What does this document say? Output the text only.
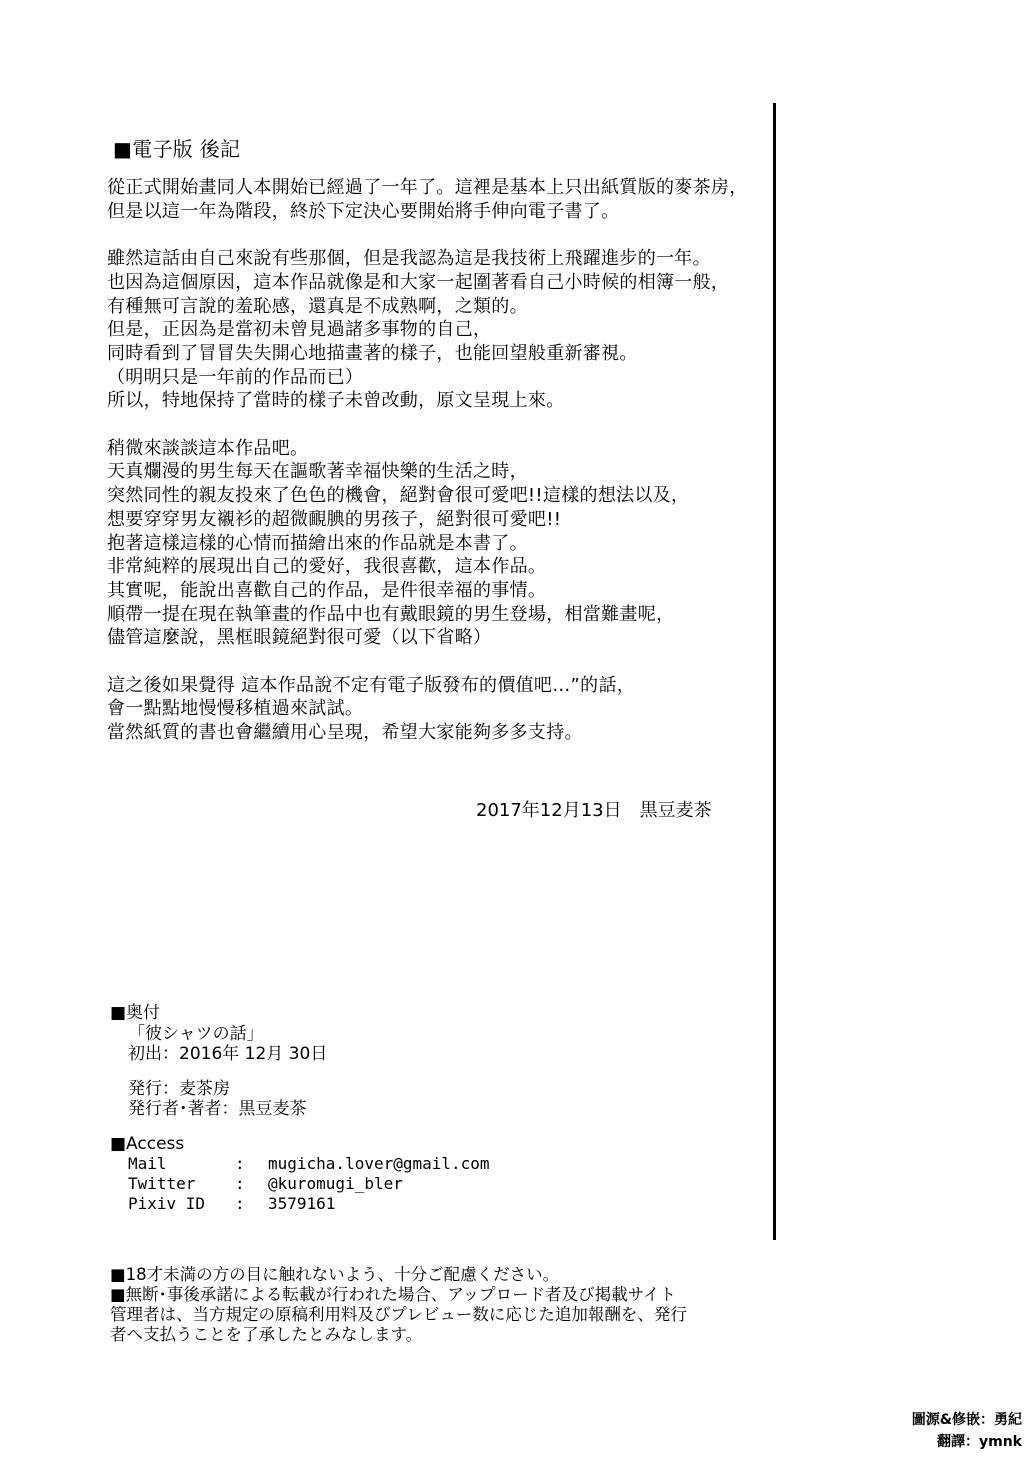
■電子版 後記
從正式開始畫同人本開始已經過了一年了。這裡是基本上只出紙質版的麥茶房，
但是以這一年為階段，終於下定決心要開始將手伸向電子書了。
雖然這話由自己來說有些那個，但是我認為這是我技術上飛躍進步的一年。
也因為這個原因，這本作品就像是和大家一起圍著看自己小時候的相簿一般，
有種無可言說的羞恥感，還真是不成熟啊，之類的。
但是，正因為是當初未曾見過諸多事物的自己，
同時看到了冒冒失失開心地描畫著的樣子，也能回望般重新審視。
（明明只是一年前的作品而已）
所以，特地保持了當時的樣子未曾改動，原文呈現上來。
稍微來談談這本作品吧。
天真爛漫的男生每天在謳歌著幸福快樂的生活之時，
突然同性的親友投來了色色的機會，絕對會很可愛吧!!這樣的想法以及，
想要穿穿男友襯衫的超微靦腆的男孩子，絕對很可愛吧!!
抱著這樣這樣的心情而描繪出來的作品就是本書了。
非常純粹的展現出自己的愛好，我很喜歡，這本作品。
其實呢，能說出喜歡自己的作品，是件很幸福的事情。
順帶一提在現在執筆畫的作品中也有戴眼鏡的男生登場，相當難畫呢，
儘管這麼說，黑框眼鏡絕對很可愛（以下省略）
這之後如果覺得 這本作品說不定有電子版發布的價值吧…”的話，
會一點點地慢慢移植過來試試。
當然紙質的書也會繼續用心呈現，希望大家能夠多多支持。
2017年12月13日　黒豆麦茶
■奥付
「彼シャツの話」
初出：2016年 12月 30日
発行：麦茶房
発行者･著者：黒豆麦茶
■Access
Mail	:	mugicha.lover@gmail.com
Twitter	:	@kuromugi_bler
Pixiv ID	:	3579161
■18才未満の方の目に触れないよう、十分ご配慮ください。
■無断･事後承諾による転載が行われた場合、アップロード者及び掲載サイト
管理者は、当方規定の原稿利用料及びプレビュー数に応じた追加報酬を、発行
者へ支払うことを了承したとみなします。
圖源&修嵌：勇紀
翻譯：ymnk
